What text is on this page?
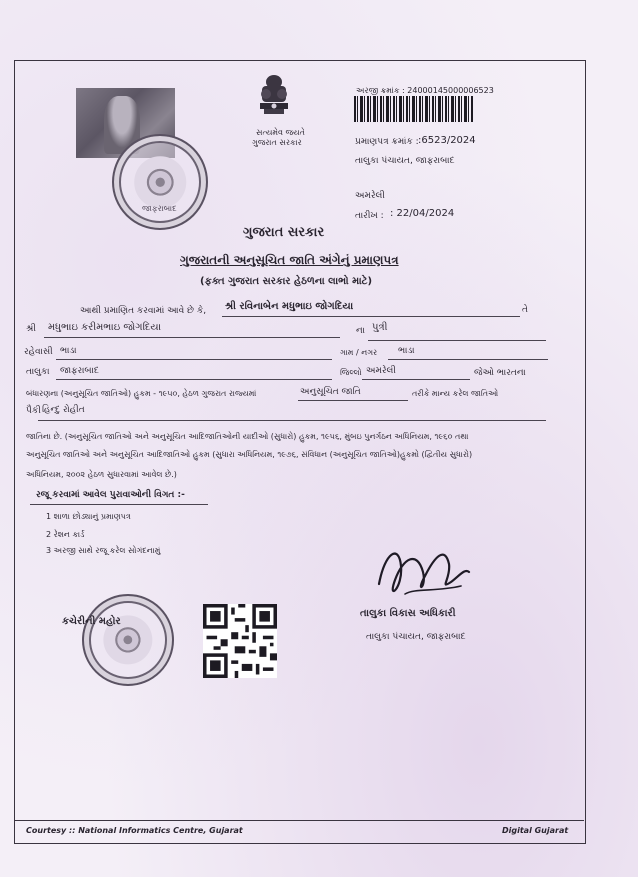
જાફરાબાદ
સત્યમેવ જયતે
ગુજરાત સરકાર
અરજી ક્રમાંક : 24000145000006523
પ્રમાણપત્ર ક્રમાંક : :6523/2024
તાલુકા પંચાયત, જાફરાબાદ
અમરેલી
તારીખ : : 22/04/2024
ગુજરાત સરકાર
ગુજરાતની અનુસૂચિત જાતિ અંગેનું પ્રમાણપત્ર
(ફક્ત ગુજરાત સરકાર હેઠળના લાભો માટે)
આથી પ્રમાણિત કરવામાં આવે છે કે, શ્રી રવિનાબેન મધુભાઇ જોગદિયા	તે
શ્રી મધુભાઇ કરીમભાઇ જોગદિયા	ના પુત્રી
રહેવાસી ભાડા	ગામ / નગર ભાડા
તાલુકા જાફરાબાદ	જિલ્લો અમરેલી	જેઓ ભારતના
બંધારણના (અનુસૂચિત જાતિઓ) હુકમ - ૧૯૫૦, હેઠળ ગુજરાત રાજ્યમાં	અનુસૂચિત જાતિ	તરીકે માન્ય કરેલ જાતિઓ
પૈકી હિન્દુ રોહીત
જાતિના છે. (અનુસૂચિત જાતિઓ અને અનુસૂચિત આદિજાતિઓની યાદીઓ (સુધારો) હુકમ, ૧૯૫૬, મુંબઇ પુનર્ગઠન અધિનિયમ, ૧૯૬૦ તથા
અનુસૂચિત જાતિઓ અને અનુસૂચિત આદિજાતિઓ હુકમ (સુધારા અધિનિયમ, ૧૯૭૬, સંવિધાન (અનુસૂચિત જાતિઓ)હુકમો (દ્વિતીય સુધારો)
અધિનિયમ, ૨૦૦૨ હેઠળ સુધારવામાં આવેલ છે.)
રજૂ કરવામાં આવેલ પુરાવાઓની વિગત :-
1 શાળા છોડ્યાનું પ્રમાણપત્ર
2 રેશન કાર્ડ
3 અરજી સાથે રજૂ કરેલ સોગંદનામું
કચેરીની મહોર
તાલુકા વિકાસ અધિકારી
તાલુકા પંચાયત, જાફરાબાદ
Courtesy :: National Informatics Centre, Gujarat	Digital Gujarat
